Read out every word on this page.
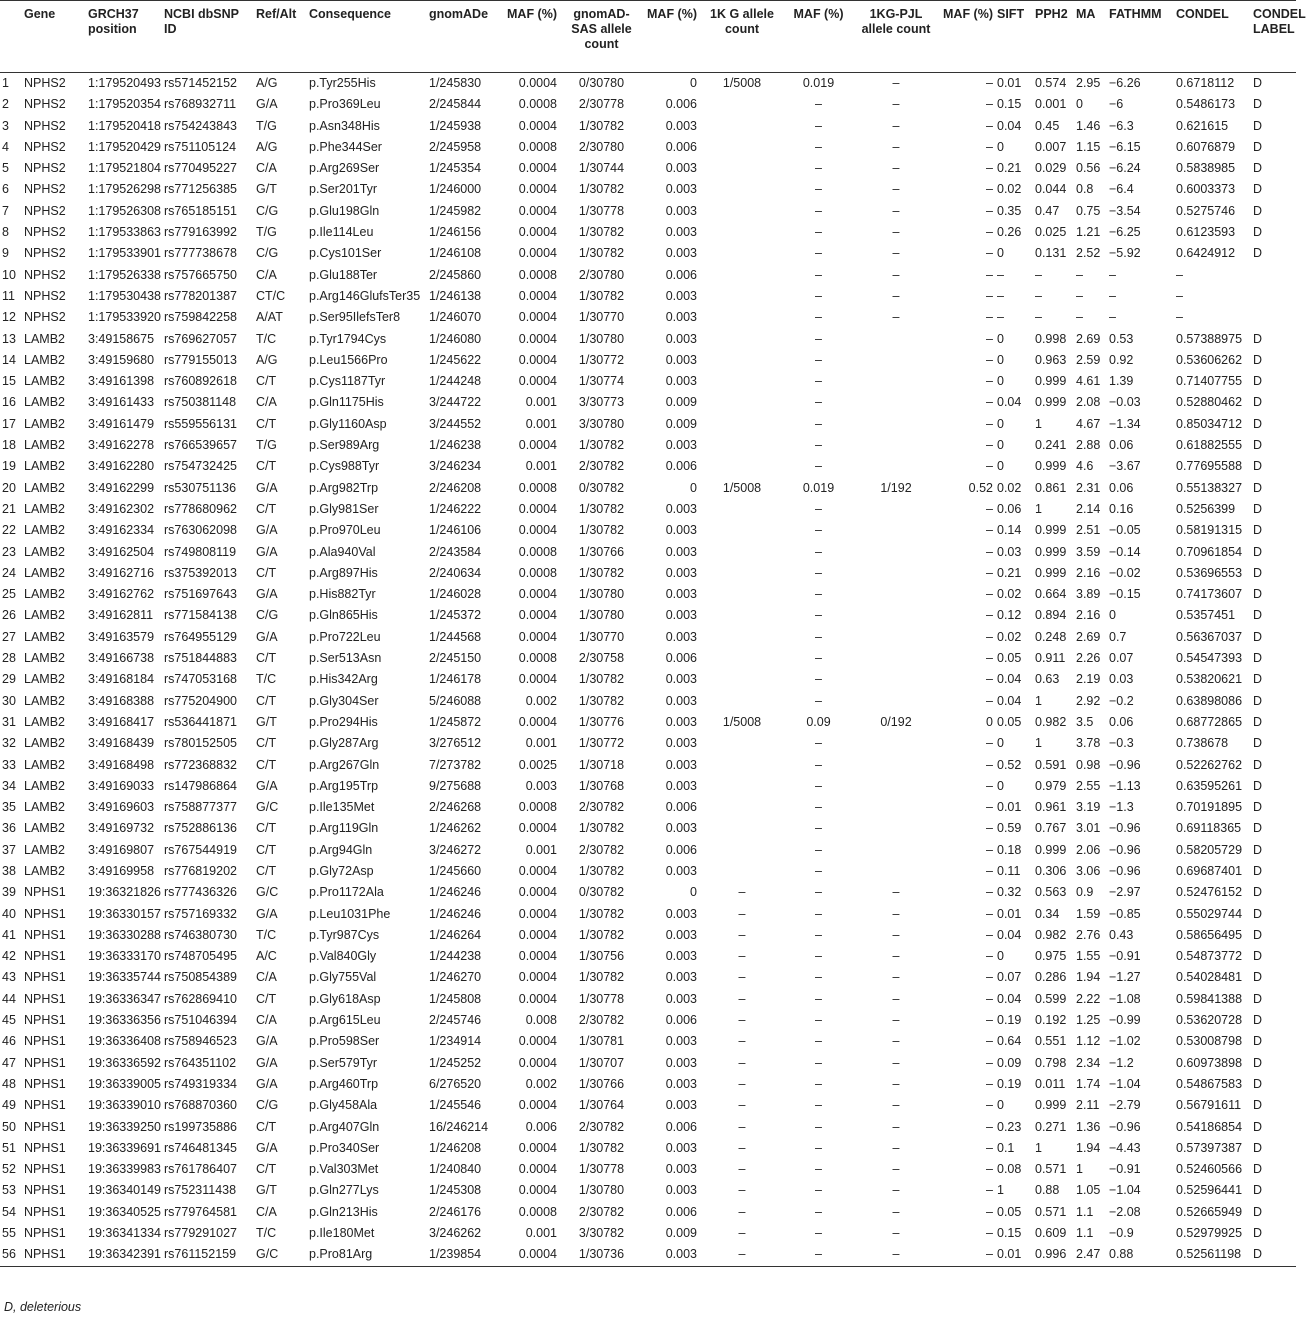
	Gene	GRCH37 position	NCBI dbSNP ID	Ref/Alt	Consequence	gnomADe	MAF (%)	gnomAD-SAS allele count	MAF (%)	1K G allele count	MAF (%)	1KG-PJL allele count	MAF (%)	SIFT	PPH2	MA	FATHMM	CONDEL	CONDEL LABEL
1	NPHS2	1:179520493	rs571452152	A/G	p.Tyr255His	1/245830	0.0004	0/30780	0	1/5008	0.019	–	–	0.01	0.574	2.95	−6.26	0.6718112	D
2	NPHS2	1:179520354	rs768932711	G/A	p.Pro369Leu	2/245844	0.0008	2/30778	0.006		–	–	–	0.15	0.001	0	−6	0.5486173	D
3	NPHS2	1:179520418	rs754243843	T/G	p.Asn348His	1/245938	0.0004	1/30782	0.003		–	–	–	0.04	0.45	1.46	−6.3	0.621615	D
4	NPHS2	1:179520429	rs751105124	A/G	p.Phe344Ser	2/245958	0.0008	2/30780	0.006		–	–	–	0	0.007	1.15	−6.15	0.6076879	D
5	NPHS2	1:179521804	rs770495227	C/A	p.Arg269Ser	1/245354	0.0004	1/30744	0.003		–	–	–	0.21	0.029	0.56	−6.24	0.5838985	D
6	NPHS2	1:179526298	rs771256385	G/T	p.Ser201Tyr	1/246000	0.0004	1/30782	0.003		–	–	–	0.02	0.044	0.8	−6.4	0.6003373	D
7	NPHS2	1:179526308	rs765185151	C/G	p.Glu198Gln	1/245982	0.0004	1/30778	0.003		–	–	–	0.35	0.47	0.75	−3.54	0.5275746	D
8	NPHS2	1:179533863	rs779163992	T/G	p.Ile114Leu	1/246156	0.0004	1/30782	0.003		–	–	–	0.26	0.025	1.21	−6.25	0.6123593	D
9	NPHS2	1:179533901	rs777738678	C/G	p.Cys101Ser	1/246108	0.0004	1/30782	0.003		–	–	–	0	0.131	2.52	−5.92	0.6424912	D
10	NPHS2	1:179526338	rs757665750	C/A	p.Glu188Ter	2/245860	0.0008	2/30780	0.006		–	–	–	–	–	–	–	–	
11	NPHS2	1:179530438	rs778201387	CT/C	p.Arg146GlufsTer35	1/246138	0.0004	1/30782	0.003		–	–	–	–	–	–	–	–	
12	NPHS2	1:179533920	rs759842258	A/AT	p.Ser95IlefsTer8	1/246070	0.0004	1/30770	0.003		–	–	–	–	–	–	–	–	
13	LAMB2	3:49158675	rs769627057	T/C	p.Tyr1794Cys	1/246080	0.0004	1/30780	0.003		–		–	0	0.998	2.69	0.53	0.57388975	D
14	LAMB2	3:49159680	rs779155013	A/G	p.Leu1566Pro	1/245622	0.0004	1/30772	0.003		–		–	0	0.963	2.59	0.92	0.53606262	D
15	LAMB2	3:49161398	rs760892618	C/T	p.Cys1187Tyr	1/244248	0.0004	1/30774	0.003		–		–	0	0.999	4.61	1.39	0.71407755	D
16	LAMB2	3:49161433	rs750381148	C/A	p.Gln1175His	3/244722	0.001	3/30773	0.009		–		–	0.04	0.999	2.08	−0.03	0.52880462	D
17	LAMB2	3:49161479	rs559556131	C/T	p.Gly1160Asp	3/244552	0.001	3/30780	0.009		–		–	0	1	4.67	−1.34	0.85034712	D
18	LAMB2	3:49162278	rs766539657	T/G	p.Ser989Arg	1/246238	0.0004	1/30782	0.003		–		–	0	0.241	2.88	0.06	0.61882555	D
19	LAMB2	3:49162280	rs754732425	C/T	p.Cys988Tyr	3/246234	0.001	2/30782	0.006		–		–	0	0.999	4.6	−3.67	0.77695588	D
20	LAMB2	3:49162299	rs530751136	G/A	p.Arg982Trp	2/246208	0.0008	0/30782	0	1/5008	0.019	1/192	0.52	0.02	0.861	2.31	0.06	0.55138327	D
21	LAMB2	3:49162302	rs778680962	C/T	p.Gly981Ser	1/246222	0.0004	1/30782	0.003		–		–	0.06	1	2.14	0.16	0.5256399	D
22	LAMB2	3:49162334	rs763062098	G/A	p.Pro970Leu	1/246106	0.0004	1/30782	0.003		–		–	0.14	0.999	2.51	−0.05	0.58191315	D
23	LAMB2	3:49162504	rs749808119	G/A	p.Ala940Val	2/243584	0.0008	1/30766	0.003		–		–	0.03	0.999	3.59	−0.14	0.70961854	D
24	LAMB2	3:49162716	rs375392013	C/T	p.Arg897His	2/240634	0.0008	1/30782	0.003		–		–	0.21	0.999	2.16	−0.02	0.53696553	D
25	LAMB2	3:49162762	rs751697643	G/A	p.His882Tyr	1/246028	0.0004	1/30780	0.003		–		–	0.02	0.664	3.89	−0.15	0.74173607	D
26	LAMB2	3:49162811	rs771584138	C/G	p.Gln865His	1/245372	0.0004	1/30780	0.003		–		–	0.12	0.894	2.16	0	0.5357451	D
27	LAMB2	3:49163579	rs764955129	G/A	p.Pro722Leu	1/244568	0.0004	1/30770	0.003		–		–	0.02	0.248	2.69	0.7	0.56367037	D
28	LAMB2	3:49166738	rs751844883	C/T	p.Ser513Asn	2/245150	0.0008	2/30758	0.006		–		–	0.05	0.911	2.26	0.07	0.54547393	D
29	LAMB2	3:49168184	rs747053168	T/C	p.His342Arg	1/246178	0.0004	1/30782	0.003		–		–	0.04	0.63	2.19	0.03	0.53820621	D
30	LAMB2	3:49168388	rs775204900	C/T	p.Gly304Ser	5/246088	0.002	1/30782	0.003		–		–	0.04	1	2.92	−0.2	0.63898086	D
31	LAMB2	3:49168417	rs536441871	G/T	p.Pro294His	1/245872	0.0004	1/30776	0.003	1/5008	0.09	0/192	0	0.05	0.982	3.5	0.06	0.68772865	D
32	LAMB2	3:49168439	rs780152505	C/T	p.Gly287Arg	3/276512	0.001	1/30772	0.003		–		–	0	1	3.78	−0.3	0.738678	D
33	LAMB2	3:49168498	rs772368832	C/T	p.Arg267Gln	7/273782	0.0025	1/30718	0.003		–		–	0.52	0.591	0.98	−0.96	0.52262762	D
34	LAMB2	3:49169033	rs147986864	G/A	p.Arg195Trp	9/275688	0.003	1/30768	0.003		–		–	0	0.979	2.55	−1.13	0.63595261	D
35	LAMB2	3:49169603	rs758877377	G/C	p.Ile135Met	2/246268	0.0008	2/30782	0.006		–		–	0.01	0.961	3.19	−1.3	0.70191895	D
36	LAMB2	3:49169732	rs752886136	C/T	p.Arg119Gln	1/246262	0.0004	1/30782	0.003		–		–	0.59	0.767	3.01	−0.96	0.69118365	D
37	LAMB2	3:49169807	rs767544919	C/T	p.Arg94Gln	3/246272	0.001	2/30782	0.006		–		–	0.18	0.999	2.06	−0.96	0.58205729	D
38	LAMB2	3:49169958	rs776819202	C/T	p.Gly72Asp	1/245660	0.0004	1/30782	0.003		–		–	0.11	0.306	3.06	−0.96	0.69687401	D
39	NPHS1	19:36321826	rs777436326	G/C	p.Pro1172Ala	1/246246	0.0004	0/30782	0	–	–	–	–	0.32	0.563	0.9	−2.97	0.52476152	D
40	NPHS1	19:36330157	rs757169332	G/A	p.Leu1031Phe	1/246246	0.0004	1/30782	0.003	–	–	–	–	0.01	0.34	1.59	−0.85	0.55029744	D
41	NPHS1	19:36330288	rs746380730	T/C	p.Tyr987Cys	1/246264	0.0004	1/30782	0.003	–	–	–	–	0.04	0.982	2.76	0.43	0.58656495	D
42	NPHS1	19:36333170	rs748705495	A/C	p.Val840Gly	1/244238	0.0004	1/30756	0.003	–	–	–	–	0	0.975	1.55	−0.91	0.54873772	D
43	NPHS1	19:36335744	rs750854389	C/A	p.Gly755Val	1/246270	0.0004	1/30782	0.003	–	–	–	–	0.07	0.286	1.94	−1.27	0.54028481	D
44	NPHS1	19:36336347	rs762869410	C/T	p.Gly618Asp	1/245808	0.0004	1/30778	0.003	–	–	–	–	0.04	0.599	2.22	−1.08	0.59841388	D
45	NPHS1	19:36336356	rs751046394	C/A	p.Arg615Leu	2/245746	0.008	2/30782	0.006	–	–	–	–	0.19	0.192	1.25	−0.99	0.53620728	D
46	NPHS1	19:36336408	rs758946523	G/A	p.Pro598Ser	1/234914	0.0004	1/30781	0.003	–	–	–	–	0.64	0.551	1.12	−1.02	0.53008798	D
47	NPHS1	19:36336592	rs764351102	G/A	p.Ser579Tyr	1/245252	0.0004	1/30707	0.003	–	–	–	–	0.09	0.798	2.34	−1.2	0.60973898	D
48	NPHS1	19:36339005	rs749319334	G/A	p.Arg460Trp	6/276520	0.002	1/30766	0.003	–	–	–	–	0.19	0.011	1.74	−1.04	0.54867583	D
49	NPHS1	19:36339010	rs768870360	C/G	p.Gly458Ala	1/245546	0.0004	1/30764	0.003	–	–	–	–	0	0.999	2.11	−2.79	0.56791611	D
50	NPHS1	19:36339250	rs199735886	C/T	p.Arg407Gln	16/246214	0.006	2/30782	0.006	–	–	–	–	0.23	0.271	1.36	−0.96	0.54186854	D
51	NPHS1	19:36339691	rs746481345	G/A	p.Pro340Ser	1/246208	0.0004	1/30782	0.003	–	–	–	–	0.1	1	1.94	−4.43	0.57397387	D
52	NPHS1	19:36339983	rs761786407	C/T	p.Val303Met	1/240840	0.0004	1/30778	0.003	–	–	–	–	0.08	0.571	1	−0.91	0.52460566	D
53	NPHS1	19:36340149	rs752311438	G/T	p.Gln277Lys	1/245308	0.0004	1/30780	0.003	–	–	–	–	1	0.88	1.05	−1.04	0.52596441	D
54	NPHS1	19:36340525	rs779764581	C/A	p.Gln213His	2/246176	0.0008	2/30782	0.006	–	–	–	–	0.05	0.571	1.1	−2.08	0.52665949	D
55	NPHS1	19:36341334	rs779291027	T/C	p.Ile180Met	3/246262	0.001	3/30782	0.009	–	–	–	–	0.15	0.609	1.1	−0.9	0.52979925	D
56	NPHS1	19:36342391	rs761152159	G/C	p.Pro81Arg	1/239854	0.0004	1/30736	0.003	–	–	–	–	0.01	0.996	2.47	0.88	0.52561198	D
D, deleterious
